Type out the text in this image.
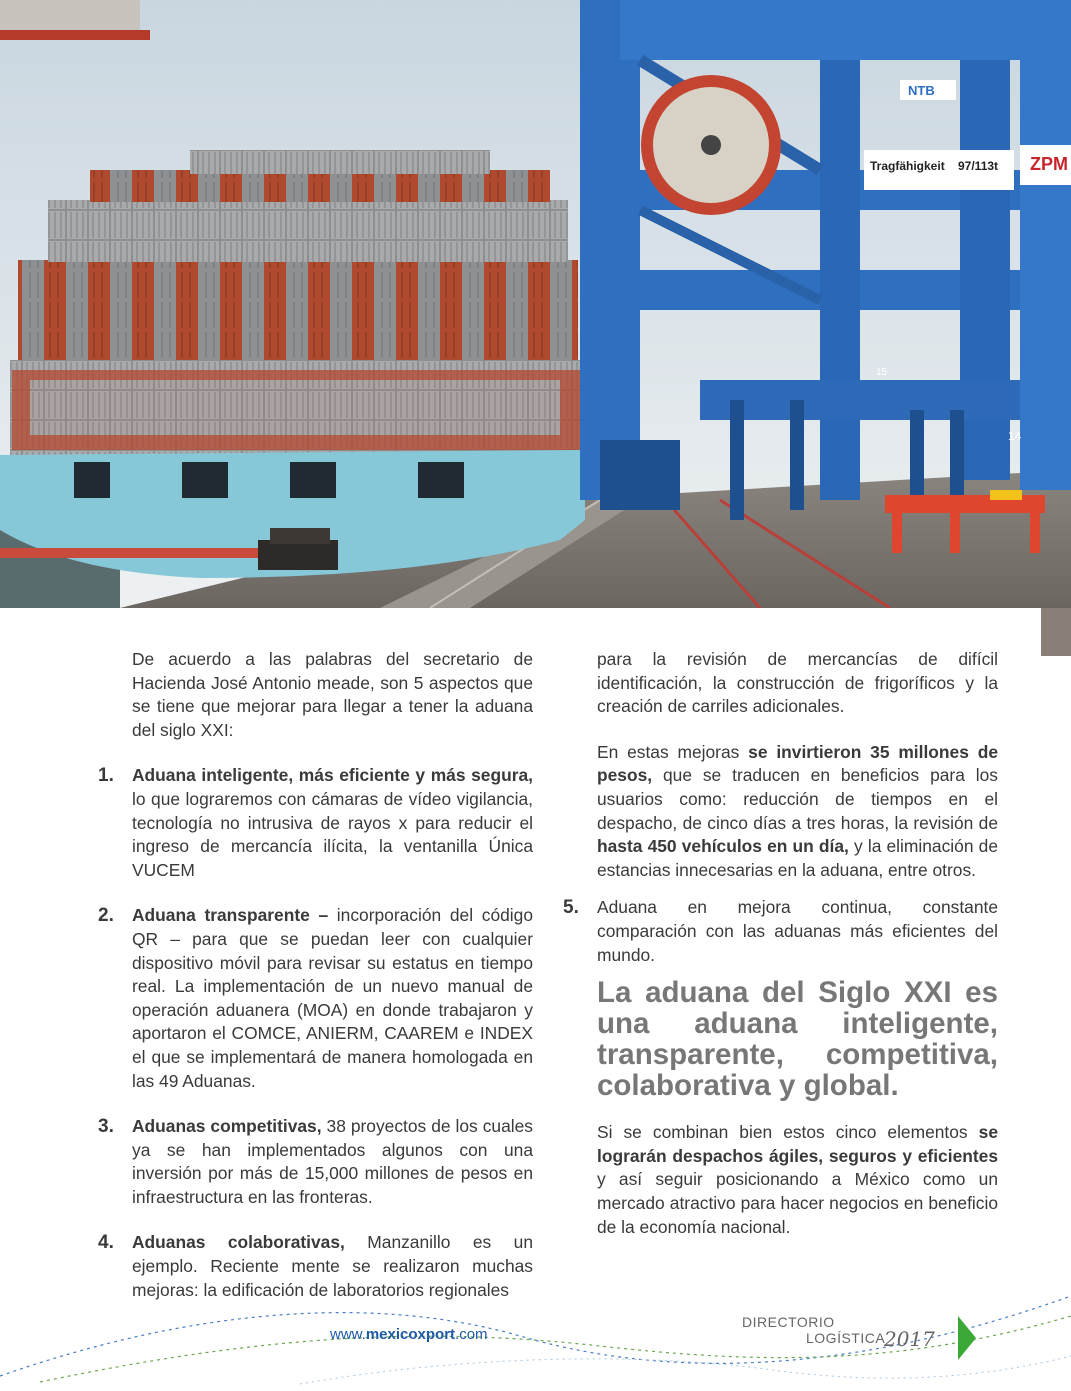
Tragfähigkeit 97/113t
NTB
ZPM
14
15

De acuerdo a las palabras del secretario de Hacienda José Antonio meade, son 5 aspectos que se tiene que mejorar para llegar a tener la aduana del siglo XXI:

1. Aduana inteligente, más eficiente y más segura, lo que lograremos con cámaras de vídeo vigilancia, tecnología no intrusiva de rayos x para reducir el ingreso de mercancía ilícita, la ventanilla Única VUCEM

2. Aduana transparente – incorporación del código QR – para que se puedan leer con cualquier dispositivo móvil para revisar su estatus en tiempo real. La implementación de un nuevo manual de operación aduanera (MOA) en donde trabajaron y aportaron el COMCE, ANIERM, CAAREM e INDEX el que se implementará de manera homologada en las 49 Aduanas.

3. Aduanas competitivas, 38 proyectos de los cuales ya se han implementados algunos con una inversión por más de 15,000 millones de pesos en infraestructura en las fronteras.

4. Aduanas colaborativas, Manzanillo es un ejemplo. Reciente mente se realizaron muchas mejoras: la edificación de laboratorios regionales

para la revisión de mercancías de difícil identificación, la construcción de frigoríficos y la creación de carriles adicionales.

En estas mejoras se invirtieron 35 millones de pesos, que se traducen en beneficios para los usuarios como: reducción de tiempos en el despacho, de cinco días a tres horas, la revisión de hasta 450 vehículos en un día, y la eliminación de estancias innecesarias en la aduana, entre otros.

5. Aduana en mejora continua, constante comparación con las aduanas más eficientes del mundo.

La aduana del Siglo XXI es
una aduana inteligente,
transparente, competitiva,
colaborativa y global.

Si se combinan bien estos cinco elementos se lograrán despachos ágiles, seguros y eficientes y así seguir posicionando a México como un mercado atractivo para hacer negocios en beneficio de la economía nacional.

www.mexicoxport.com
DIRECTORIO
LOGÍSTICA
2017
